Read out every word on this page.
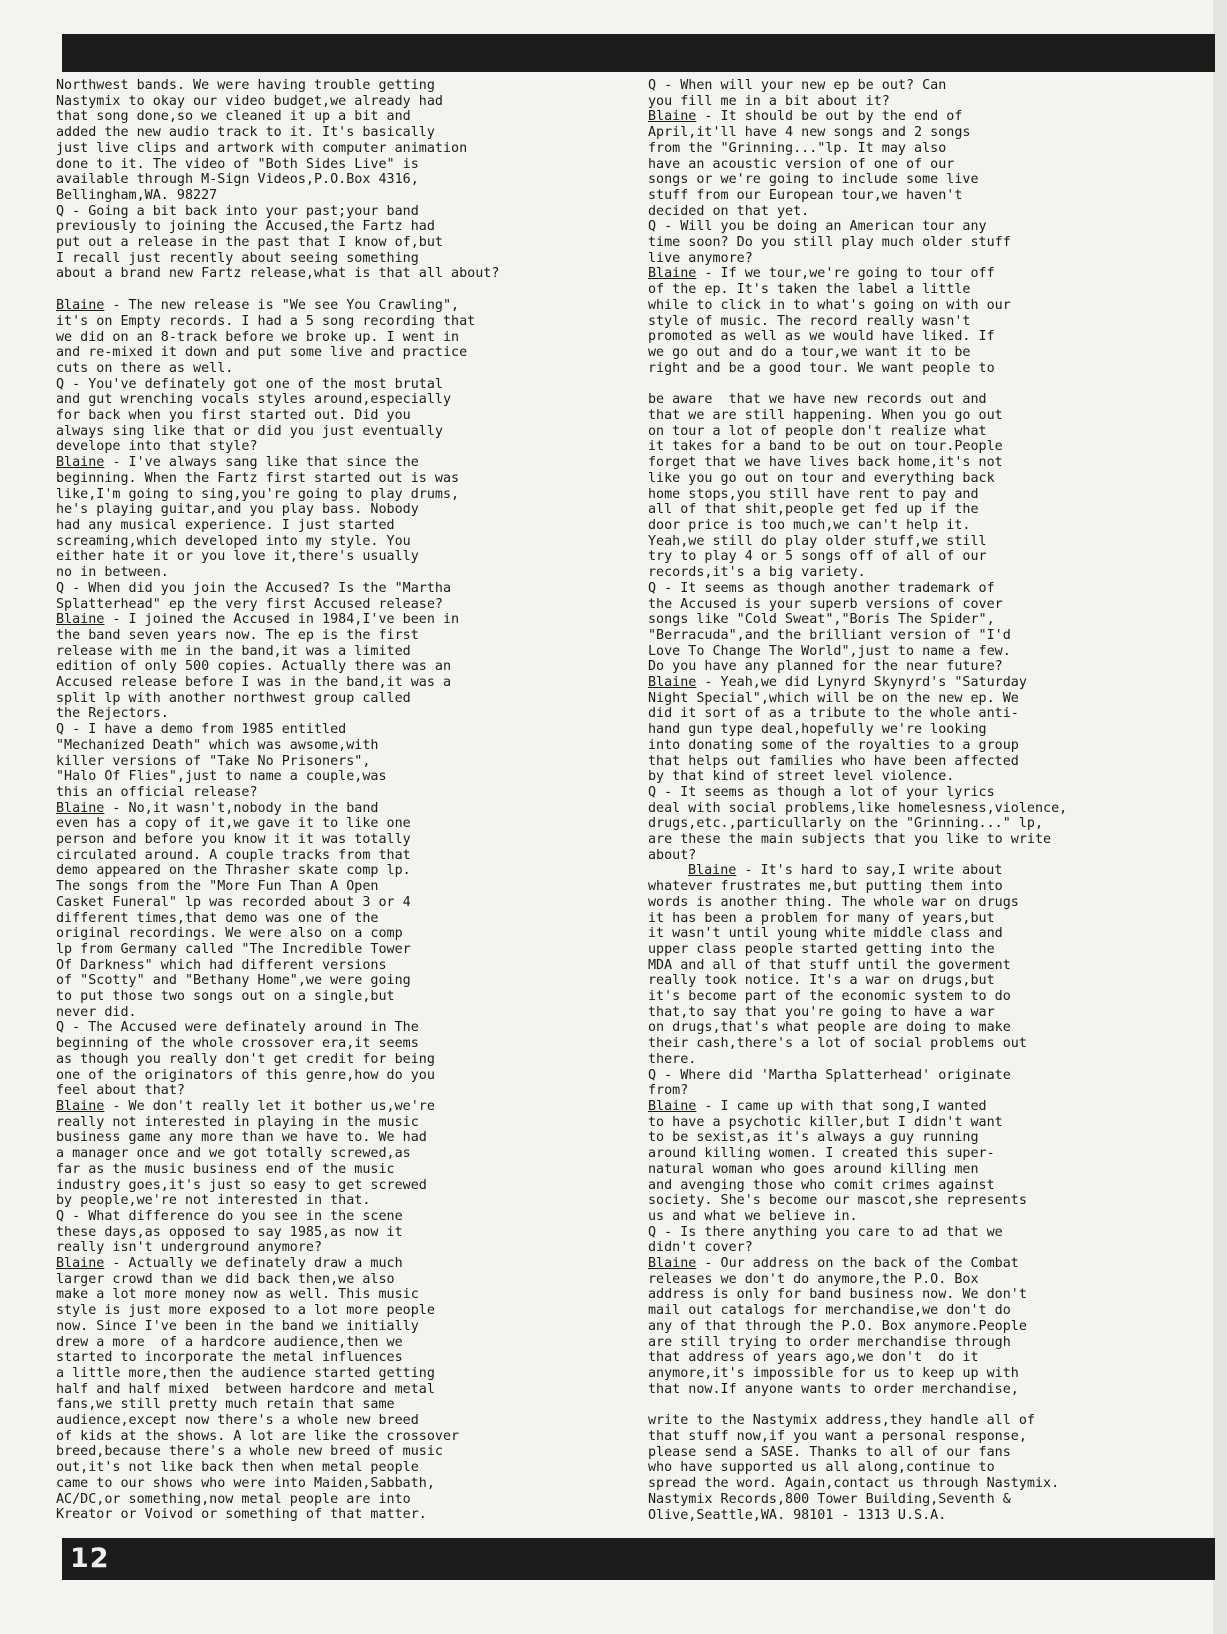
Northwest bands. We were having trouble getting
Nastymix to okay our video budget,we already had
that song done,so we cleaned it up a bit and
added the new audio track to it. It's basically
just live clips and artwork with computer animation
done to it. The video of "Both Sides Live" is
available through M-Sign Videos,P.O.Box 4316,
Bellingham,WA. 98227
Q - Going a bit back into your past;your band
previously to joining the Accused,the Fartz had
put out a release in the past that I know of,but
I recall just recently about seeing something
about a brand new Fartz release,what is that all about?
Blaine - The new release is "We see You Crawling",
it's on Empty records. I had a 5 song recording that
we did on an 8-track before we broke up. I went in
and re-mixed it down and put some live and practice
cuts on there as well.
Q - You've definately got one of the most brutal
and gut wrenching vocals styles around,especially
for back when you first started out. Did you
always sing like that or did you just eventually
develope into that style?
Blaine - I've always sang like that since the
beginning. When the Fartz first started out is was
like,I'm going to sing,you're going to play drums,
he's playing guitar,and you play bass. Nobody
had any musical experience. I just started
screaming,which developed into my style. You
either hate it or you love it,there's usually
no in between.
Q - When did you join the Accused? Is the "Martha
Splatterhead" ep the very first Accused release?
Blaine - I joined the Accused in 1984,I've been in
the band seven years now. The ep is the first
release with me in the band,it was a limited
edition of only 500 copies. Actually there was an
Accused release before I was in the band,it was a
split lp with another northwest group called
the Rejectors.
Q - I have a demo from 1985 entitled
"Mechanized Death" which was awsome,with
killer versions of "Take No Prisoners",
"Halo Of Flies",just to name a couple,was
this an official release?
Blaine - No,it wasn't,nobody in the band
even has a copy of it,we gave it to like one
person and before you know it it was totally
circulated around. A couple tracks from that
demo appeared on the Thrasher skate comp lp.
The songs from the "More Fun Than A Open
Casket Funeral" lp was recorded about 3 or 4
different times,that demo was one of the
original recordings. We were also on a comp
lp from Germany called "The Incredible Tower
Of Darkness" which had different versions
of "Scotty" and "Bethany Home",we were going
to put those two songs out on a single,but
never did.
Q - The Accused were definately around in The
beginning of the whole crossover era,it seems
as though you really don't get credit for being
one of the originators of this genre,how do you
feel about that?
Blaine - We don't really let it bother us,we're
really not interested in playing in the music
business game any more than we have to. We had
a manager once and we got totally screwed,as
far as the music business end of the music
industry goes,it's just so easy to get screwed
by people,we're not interested in that.
Q - What difference do you see in the scene
these days,as opposed to say 1985,as now it
really isn't underground anymore?
Blaine - Actually we definately draw a much
larger crowd than we did back then,we also
make a lot more money now as well. This music
style is just more exposed to a lot more people
now. Since I've been in the band we initially
drew a more  of a hardcore audience,then we
started to incorporate the metal influences
a little more,then the audience started getting
half and half mixed  between hardcore and metal
fans,we still pretty much retain that same
audience,except now there's a whole new breed
of kids at the shows. A lot are like the crossover
breed,because there's a whole new breed of music
out,it's not like back then when metal people
came to our shows who were into Maiden,Sabbath,
AC/DC,or something,now metal people are into
Kreator or Voivod or something of that matter.
Q - When will your new ep be out? Can
you fill me in a bit about it?
Blaine - It should be out by the end of
April,it'll have 4 new songs and 2 songs
from the "Grinning..."lp. It may also
have an acoustic version of one of our
songs or we're going to include some live
stuff from our European tour,we haven't
decided on that yet.
Q - Will you be doing an American tour any
time soon? Do you still play much older stuff
live anymore?
Blaine - If we tour,we're going to tour off
of the ep. It's taken the label a little
while to click in to what's going on with our
style of music. The record really wasn't
promoted as well as we would have liked. If
we go out and do a tour,we want it to be
right and be a good tour. We want people to
be aware  that we have new records out and
that we are still happening. When you go out
on tour a lot of people don't realize what
it takes for a band to be out on tour.People
forget that we have lives back home,it's not
like you go out on tour and everything back
home stops,you still have rent to pay and
all of that shit,people get fed up if the
door price is too much,we can't help it.
Yeah,we still do play older stuff,we still
try to play 4 or 5 songs off of all of our
records,it's a big variety.
Q - It seems as though another trademark of
the Accused is your superb versions of cover
songs like "Cold Sweat","Boris The Spider",
"Berracuda",and the brilliant version of "I'd
Love To Change The World",just to name a few.
Do you have any planned for the near future?
Blaine - Yeah,we did Lynyrd Skynyrd's "Saturday
Night Special",which will be on the new ep. We
did it sort of as a tribute to the whole anti-
hand gun type deal,hopefully we're looking
into donating some of the royalties to a group
that helps out families who have been affected
by that kind of street level violence.
Q - It seems as though a lot of your lyrics
deal with social problems,like homelesness,violence,
drugs,etc.,particullarly on the "Grinning..." lp,
are these the main subjects that you like to write
about?
Blaine - It's hard to say,I write about
whatever frustrates me,but putting them into
words is another thing. The whole war on drugs
it has been a problem for many of years,but
it wasn't until young white middle class and
upper class people started getting into the
MDA and all of that stuff until the goverment
really took notice. It's a war on drugs,but
it's become part of the economic system to do
that,to say that you're going to have a war
on drugs,that's what people are doing to make
their cash,there's a lot of social problems out
there.
Q - Where did 'Martha Splatterhead' originate
from?
Blaine - I came up with that song,I wanted
to have a psychotic killer,but I didn't want
to be sexist,as it's always a guy running
around killing women. I created this super-
natural woman who goes around killing men
and avenging those who comit crimes against
society. She's become our mascot,she represents
us and what we believe in.
Q - Is there anything you care to ad that we
didn't cover?
Blaine - Our address on the back of the Combat
releases we don't do anymore,the P.O. Box
address is only for band business now. We don't
mail out catalogs for merchandise,we don't do
any of that through the P.O. Box anymore.People
are still trying to order merchandise through
that address of years ago,we don't  do it
anymore,it's impossible for us to keep up with
that now.If anyone wants to order merchandise,
write to the Nastymix address,they handle all of
that stuff now,if you want a personal response,
please send a SASE. Thanks to all of our fans
who have supported us all along,continue to
spread the word. Again,contact us through Nastymix.
Nastymix Records,800 Tower Building,Seventh &
Olive,Seattle,WA. 98101 - 1313 U.S.A.
12
